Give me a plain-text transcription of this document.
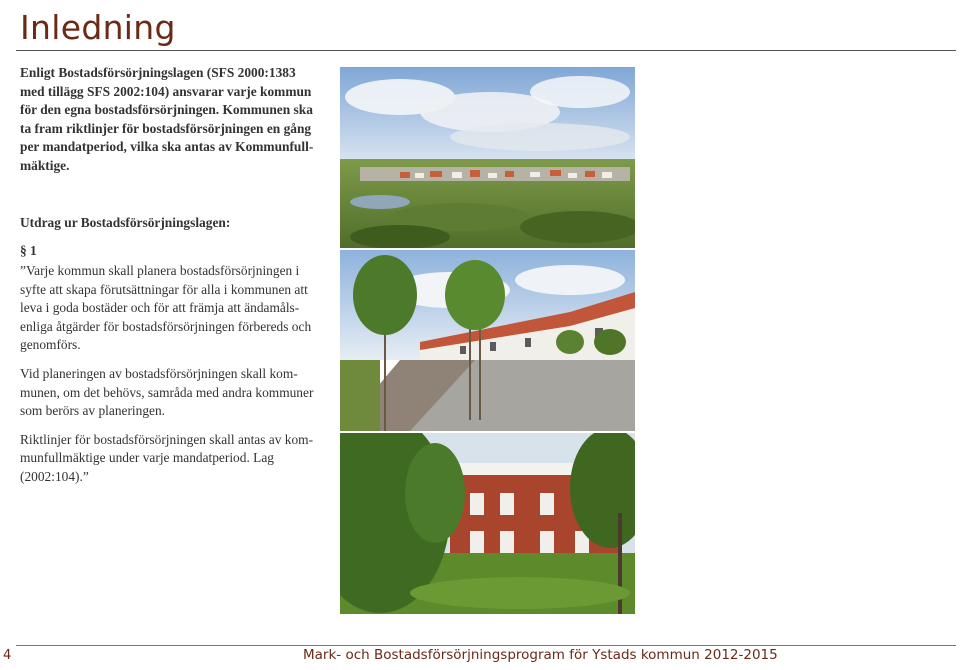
Inledning
Enligt Bostadsförsörjningslagen (SFS 2000:1383 med tillägg SFS 2002:104) ansvarar varje kommun för den egna bostadsförsörjningen. Kommunen ska ta fram riktlinjer för bostadsförsörjningen en gång per mandatperiod, vilka ska antas av Kommunfull-mäktige.
Utdrag ur Bostadsförsörjningslagen:
§ 1

”Varje kommun skall planera bostadsförsörjningen i syfte att skapa förutsättningar för alla i kommunen att leva i goda bostäder och för att främja att ändamåls-enliga åtgärder för bostadsförsörjningen förbereds och genomförs.

Vid planeringen av bostadsförsörjningen skall kom-munen, om det behövs, samråda med andra kommuner som berörs av planeringen.

Riktlinjer för bostadsförsörjningen skall antas av kom-munfullmäktige under varje mandatperiod. Lag (2002:104).”

4	Mark- och Bostadsförsörjningsprogram för Ystads kommun 2012-2015
